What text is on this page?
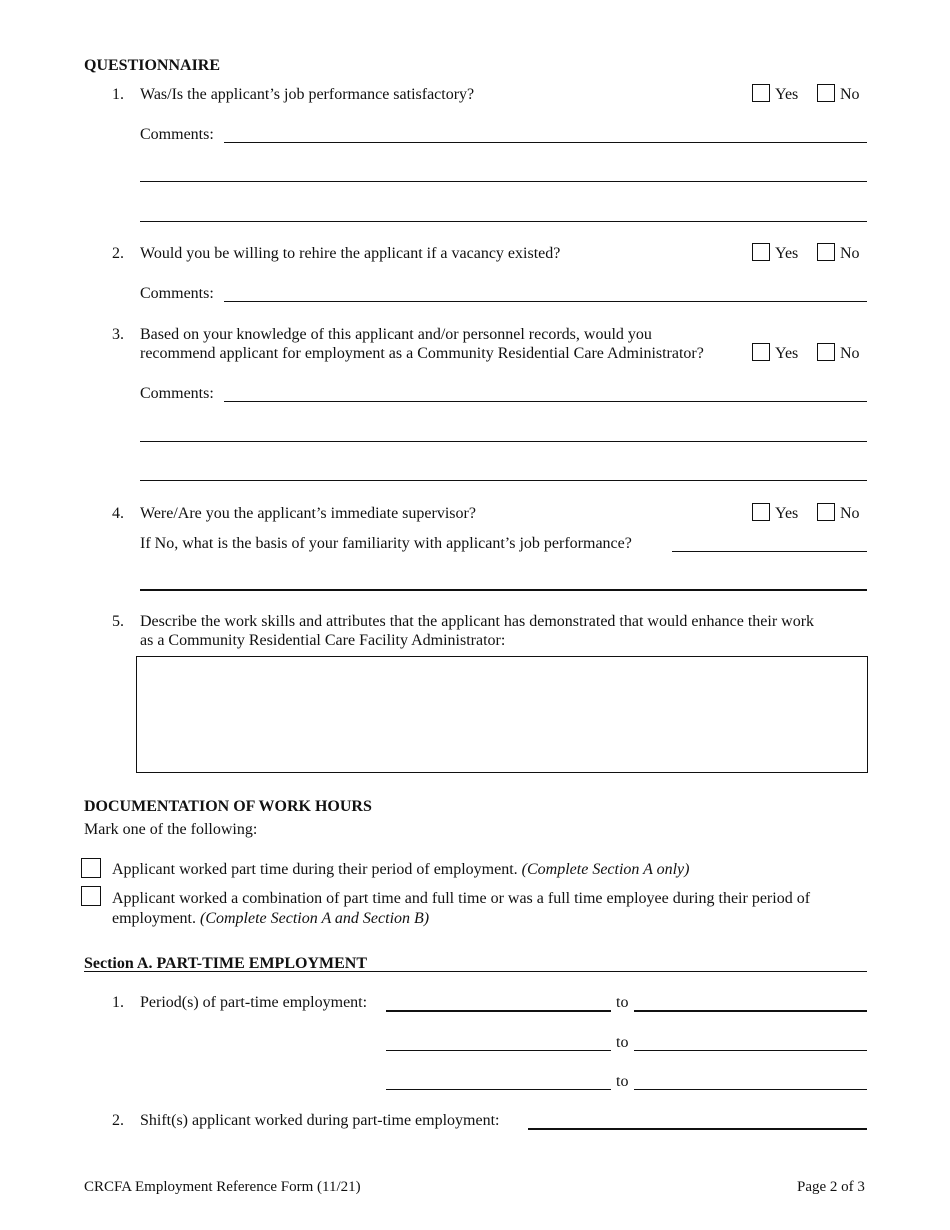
QUESTIONNAIRE
1. Was/Is the applicant’s job performance satisfactory?	Yes	No
Comments:
2. Would you be willing to rehire the applicant if a vacancy existed?	Yes	No
Comments:
3. Based on your knowledge of this applicant and/or personnel records, would you
recommend applicant for employment as a Community Residential Care Administrator?	Yes	No
Comments:
4. Were/Are you the applicant’s immediate supervisor?	Yes	No
If No, what is the basis of your familiarity with applicant’s job performance?
5. Describe the work skills and attributes that the applicant has demonstrated that would enhance their work
as a Community Residential Care Facility Administrator:
DOCUMENTATION OF WORK HOURS
Mark one of the following:
Applicant worked part time during their period of employment. (Complete Section A only)
Applicant worked a combination of part time and full time or was a full time employee during their period of
employment. (Complete Section A and Section B)
Section A. PART-TIME EMPLOYMENT
1. Period(s) of part-time employment:	to
to
to
2. Shift(s) applicant worked during part-time employment:
CRCFA Employment Reference Form (11/21)	Page 2 of 3
